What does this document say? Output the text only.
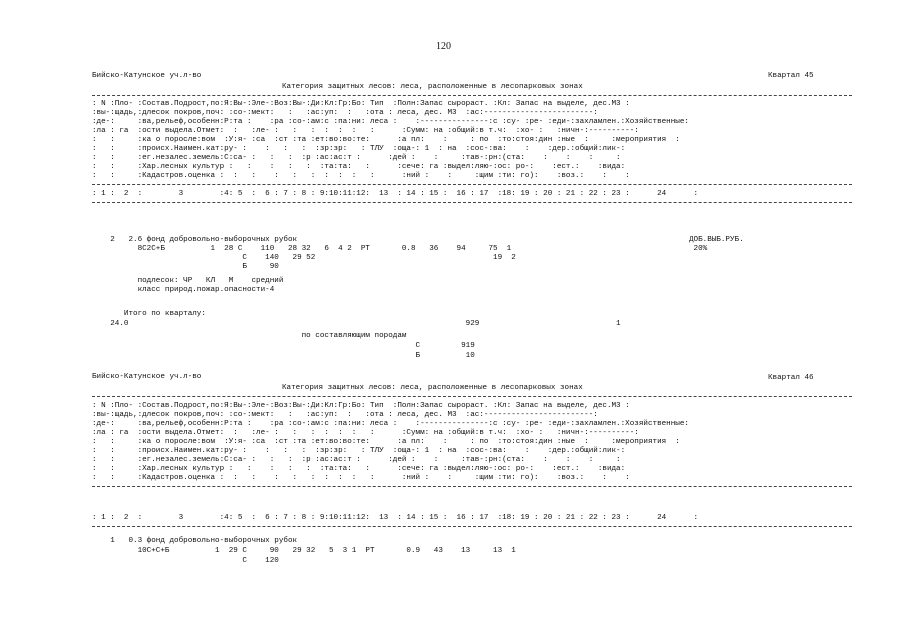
120
Бийско-Катунское уч.л-во	Квартал 45
Категория защитных лесов: леса, расположенные в лесопарковых зонах
: N :Пло- :Состав.Подрост,по:Я:Вы-:Эле-:Воз:Вы-:Ди:Кл:Гр:Бо: Тип  :Полн:Запас сырораст. :Кл: Запас на выделе, дес.М3 :
:вы-:щадь,:длесок покров,поч: :со-:мект:   :   :ас:уп:  :   :ота : леса, дес. М3  :ас:------------------------:
:де-:     :ва,рельеф,особенн:Р:та :    :ра :со-:ам:с :па:ни: леса :    :---------------:с :су- :ре- :еди-:захламлен.:Хозяйственные:
:ла : га  :ости выдела.Отмет:  :   :ле- :   :   :  :  :  :   :      :Сумм: на :общий:в т.ч:  :хо- :   :ничн-:----------:
:   :     :ка о поросле:вом  :У:я- :са  :ст :та :ет:во:во:те:      :а пл:    :     : по  :то:стоя:дин :ные  :     :мероприятия  :
:   :     :происх.Наимен.кат:ру- :    :   :   :  :зр:зр:   : ТЛУ  :оща-: 1  : на  :сос-:ва:    :    :дер.:общий:лик-:
:   :     :ег.незалес.земель:С:са- :   :   :  :р :ас:ас:т :      :дей :    :     :тав-:рн:(ста:    :    :    :     :
:   :     :Хар.лесных культур :   :    :   :   :  :та:та:   :      :сече: га :выдел:ляю-:ос: ро-:    :ест.:    :вида:
:   :     :Кадастров.оценка :  :   :    :   :   :  :  :  :   :      :ний :    :     :щим :ти: го):    :воз.:    :    :
: 1 :  2  :        3        :4: 5  :  6 : 7 : 8 : 9:10:11:12:  13  : 14 : 15 :  16 : 17  :18: 19 : 20 : 21 : 22 : 23 :      24      :
2   2.6 фонд добровольно-выборочных рубок                                                                                      ДОБ.ВЫБ.РУБ.
8С2С+Б          1  28 С    110   28 32   6  4 2  РТ       0.8   36    94     75  1                                        20%
С    140   29 52                                       19  2
Б     90
подлесок: ЧР   КЛ   М    средний
класс природ.пожар.опасности-4
Итого по кварталу:
24.0                                                                          929                              1
по составляющим породам
С         919
Б          10
Бийско-Катунское уч.л-во	Квартал 46
Категория защитных лесов: леса, расположенные в лесопарковых зонах
: N :Пло- :Состав.Подрост,по:Я:Вы-:Эле-:Воз:Вы-:Ди:Кл:Гр:Бо: Тип  :Полн:Запас сырораст. :Кл: Запас на выделе, дес.М3 :
:вы-:щадь,:длесок покров,поч: :со-:мект:   :   :ас:уп:  :   :ота : леса, дес. М3  :ас:------------------------:
:де-:     :ва,рельеф,особенн:Р:та :    :ра :со-:ам:с :па:ни: леса :    :---------------:с :су- :ре- :еди-:захламлен.:Хозяйственные:
:ла : га  :ости выдела.Отмет:  :   :ле- :   :   :  :  :  :   :      :Сумм: на :общий:в т.ч:  :хо- :   :ничн-:----------:
:   :     :ка о поросле:вом  :У:я- :са  :ст :та :ет:во:во:те:      :а пл:    :     : по  :то:стоя:дин :ные  :     :мероприятия  :
:   :     :происх.Наимен.кат:ру- :    :   :   :  :зр:зр:   : ТЛУ  :оща-: 1  : на  :сос-:ва:    :    :дер.:общий:лик-:
:   :     :ег.незалес.земель:С:са- :   :   :  :р :ас:ас:т :      :дей :    :     :тав-:рн:(ста:    :    :    :     :
:   :     :Хар.лесных культур :   :    :   :   :  :та:та:   :      :сече: га :выдел:ляю-:ос: ро-:    :ест.:    :вида:
:   :     :Кадастров.оценка :  :   :    :   :   :  :  :  :   :      :ний :    :     :щим :ти: го):    :воз.:    :    :
: 1 :  2  :        3        :4: 5  :  6 : 7 : 8 : 9:10:11:12:  13  : 14 : 15 :  16 : 17  :18: 19 : 20 : 21 : 22 : 23 :      24      :
1   0.3 фонд добровольно-выборочных рубок
10С+С+Б          1  29 С     90   29 32   5  3 1  РТ       0.9   43    13     13  1
С    120
